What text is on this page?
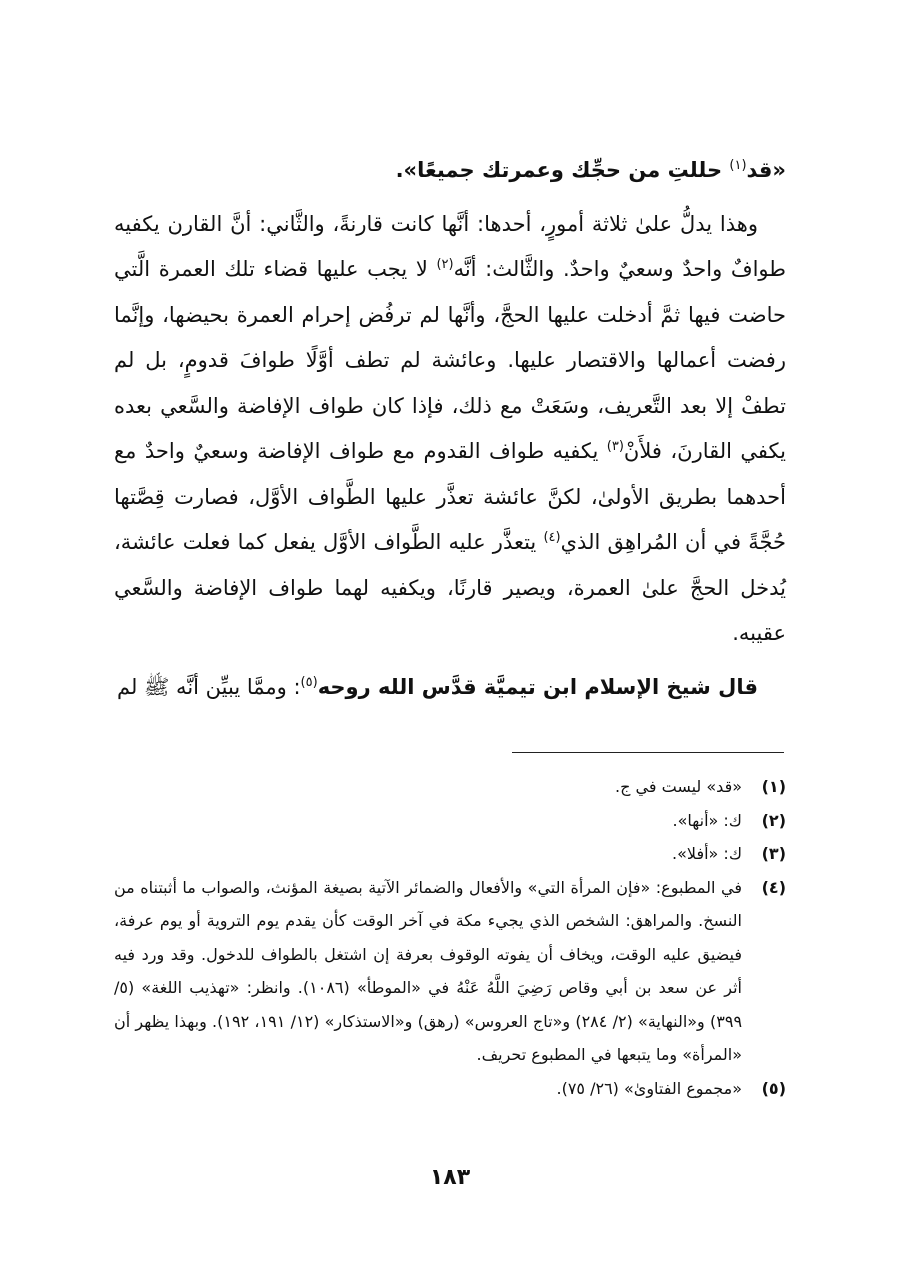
«قد$^{(١)}$ حللتِ من حجِّك وعمرتك جميعًا».

وهذا يدلُّ علىٰ ثلاثة أمورٍ، أحدها: أنَّها كانت قارنةً، والثَّاني: أنَّ القارن يكفيه طوافٌ واحدٌ وسعيٌ واحدٌ. والثَّالث: أنَّه$^{(٢)}$ لا يجب عليها قضاء تلك العمرة الَّتي حاضت فيها ثمَّ أدخلت عليها الحجَّ، وأنَّها لم ترفُض إحرام العمرة بحيضها، وإنَّما رفضت أعمالها والاقتصار عليها. وعائشة لم تطف أوَّلًا طوافَ قدومٍ، بل لم تطفْ إلا بعد التَّعريف، وسَعَتْ مع ذلك، فإذا كان طواف الإفاضة والسَّعي بعده يكفي القارنَ، فلأَنْ$^{(٣)}$ يكفيه طواف القدوم مع طواف الإفاضة وسعيٌ واحدٌ مع أحدهما بطريق الأولىٰ، لكنَّ عائشة تعذَّر عليها الطَّواف الأوَّل، فصارت قِصَّتها حُجَّةً في أن المُراهِق الذي$^{(٤)}$ يتعذَّر عليه الطَّواف الأوَّل يفعل كما فعلت عائشة، يُدخل الحجَّ علىٰ العمرة، ويصير قارنًا، ويكفيه لهما طواف الإفاضة والسَّعي عقيبه.

قال شيخ الإسلام ابن تيميَّة قدَّس الله روحه$^{(٥)}$: وممَّا يبيِّن أنَّه ﷺ لم

(١)
«قد» ليست في ج.
(٢)
ك: «أنها».
(٣)
ك: «أفلا».
(٤)
في المطبوع: «فإن المرأة التي» والأفعال والضمائر الآتية بصيغة المؤنث، والصواب ما أثبتناه من النسخ. والمراهق: الشخص الذي يجيء مكة في آخر الوقت كأن يقدم يوم التروية أو يوم عرفة، فيضيق عليه الوقت، ويخاف أن يفوته الوقوف بعرفة إن اشتغل بالطواف للدخول. وقد ورد فيه أثر عن سعد بن أبي وقاص رَضِيَ اللَّهُ عَنْهُ في «الموطأ» (١٠٨٦). وانظر: «تهذيب اللغة» (٥/ ٣٩٩) و«النهاية» (٢/ ٢٨٤) و«تاج العروس» (رهق) و«الاستذكار» (١٢/ ١٩١، ١٩٢). وبهذا يظهر أن «المرأة» وما يتبعها في المطبوع تحريف.
(٥)
«مجموع الفتاوىٰ» (٢٦/ ٧٥).
١٨٣
